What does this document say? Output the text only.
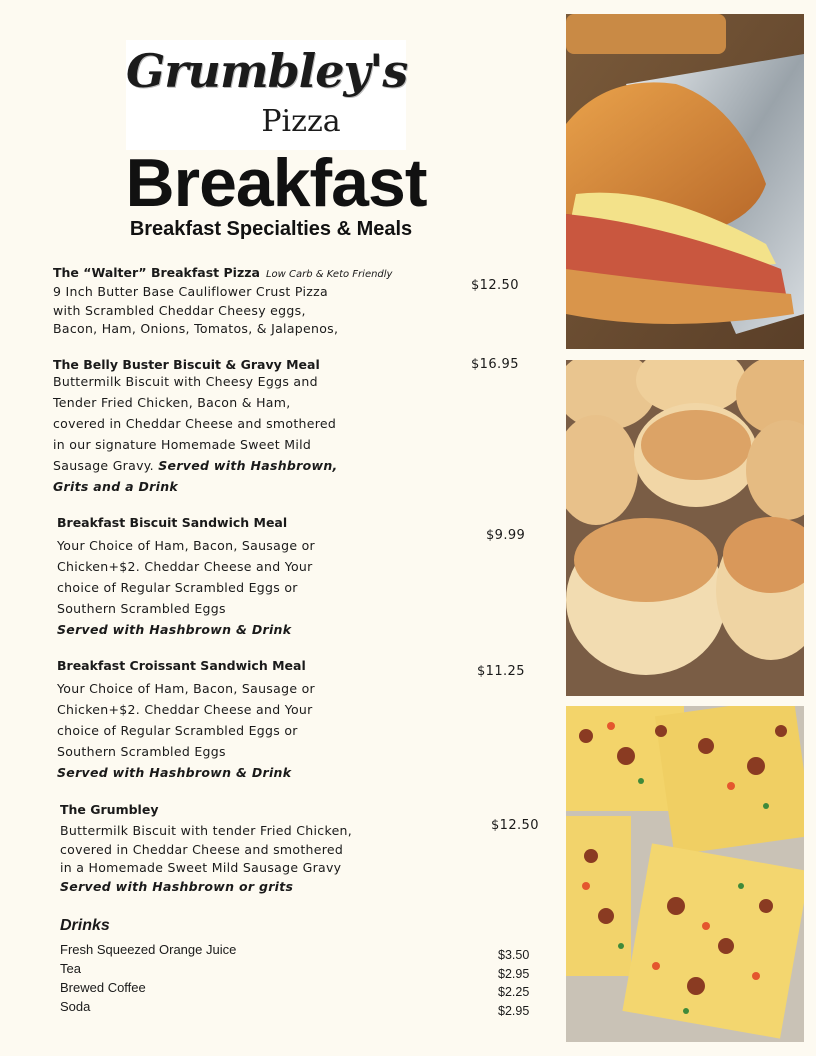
Grumbley's
Pizza
Breakfast
Breakfast Specialties & Meals
The “Walter” Breakfast Pizza Low Carb & Keto Friendly
9 Inch Butter Base Cauliflower Crust Pizza
with Scrambled Cheddar Cheesy eggs,
Bacon, Ham, Onions, Tomatos, & Jalapenos,
$12.50
The Belly Buster Biscuit & Gravy Meal
Buttermilk Biscuit with Cheesy Eggs and
Tender Fried Chicken, Bacon & Ham,
covered in Cheddar Cheese and smothered
in our signature Homemade Sweet Mild
Sausage Gravy. Served with Hashbrown,
Grits and a Drink
$16.95
Breakfast Biscuit Sandwich Meal
Your Choice of Ham, Bacon, Sausage or
Chicken+$2. Cheddar Cheese and Your
choice of Regular Scrambled Eggs or
Southern Scrambled Eggs
Served with Hashbrown & Drink
$9.99
Breakfast Croissant Sandwich Meal
Your Choice of Ham, Bacon, Sausage or
Chicken+$2. Cheddar Cheese and Your
choice of Regular Scrambled Eggs or
Southern Scrambled Eggs
Served with Hashbrown & Drink
$11.25
The Grumbley
Buttermilk Biscuit with tender Fried Chicken,
covered in Cheddar Cheese and smothered
in a Homemade Sweet Mild Sausage Gravy
Served with Hashbrown or grits
$12.50
Drinks
Fresh Squeezed Orange Juice
Tea
Brewed Coffee
Soda
$3.50
$2.95
$2.25
$2.95
